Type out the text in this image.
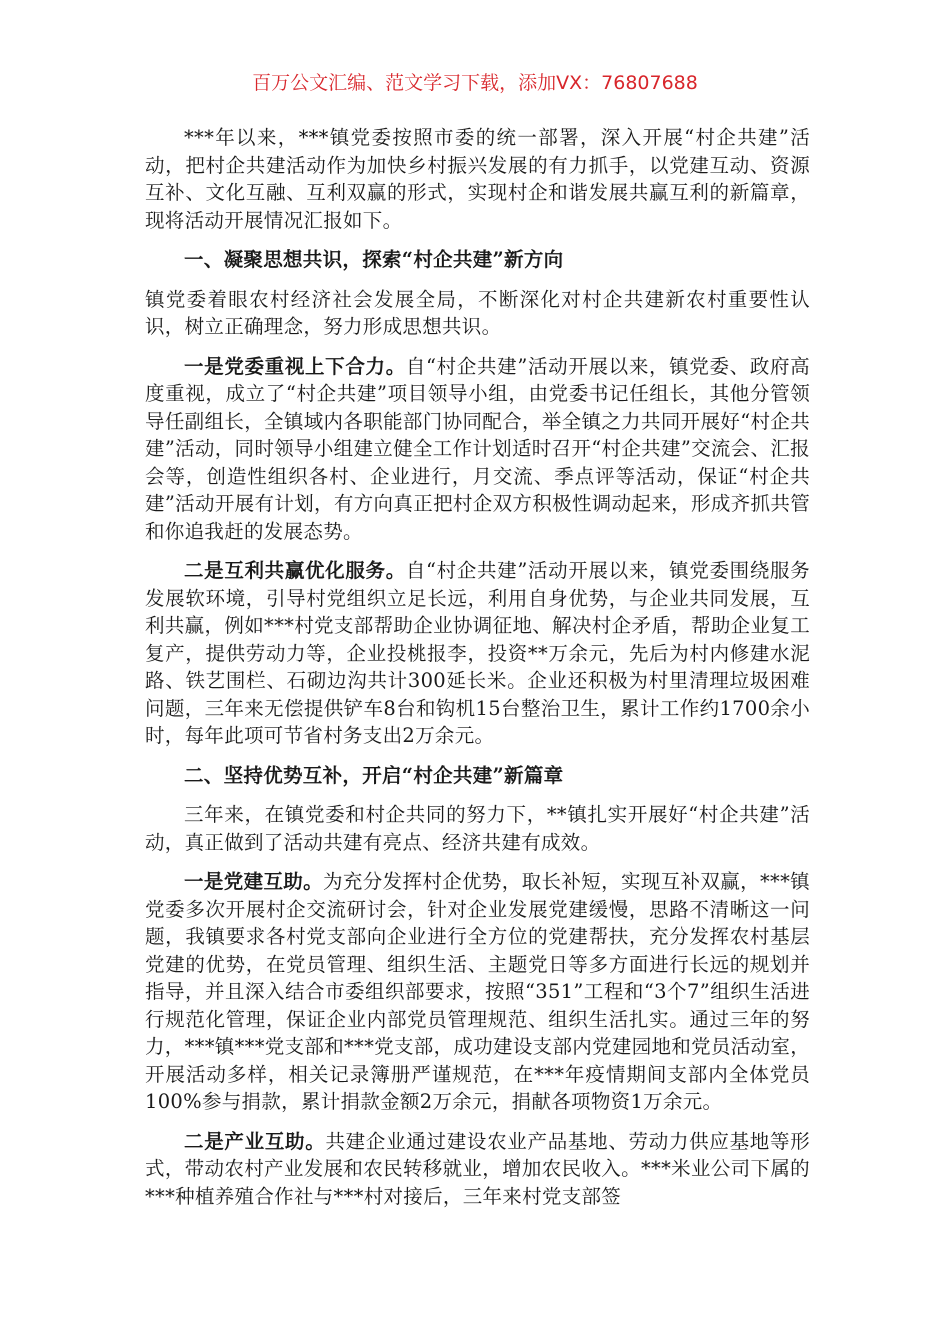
百万公文汇编、范文学习下载，添加VX：76807688

***年以来，***镇党委按照市委的统一部署，深入开展“村企共建”活动，把村企共建活动作为加快乡村振兴发展的有力抓手，以党建互动、资源互补、文化互融、互利双赢的形式，实现村企和谐发展共赢互利的新篇章，现将活动开展情况汇报如下。

一、凝聚思想共识，探索“村企共建”新方向

镇党委着眼农村经济社会发展全局，不断深化对村企共建新农村重要性认识，树立正确理念，努力形成思想共识。

一是党委重视上下合力。自“村企共建”活动开展以来，镇党委、政府高度重视，成立了“村企共建”项目领导小组，由党委书记任组长，其他分管领导任副组长，全镇域内各职能部门协同配合，举全镇之力共同开展好“村企共建”活动，同时领导小组建立健全工作计划适时召开“村企共建”交流会、汇报会等，创造性组织各村、企业进行，月交流、季点评等活动，保证“村企共建”活动开展有计划，有方向真正把村企双方积极性调动起来，形成齐抓共管和你追我赶的发展态势。

二是互利共赢优化服务。自“村企共建”活动开展以来，镇党委围绕服务发展软环境，引导村党组织立足长远，利用自身优势，与企业共同发展，互利共赢，例如***村党支部帮助企业协调征地、解决村企矛盾，帮助企业复工复产，提供劳动力等，企业投桃报李，投资**万余元，先后为村内修建水泥路、铁艺围栏、石砌边沟共计300延长米。企业还积极为村里清理垃圾困难问题，三年来无偿提供铲车8台和钩机15台整治卫生，累计工作约1700余小时，每年此项可节省村务支出2万余元。

二、坚持优势互补，开启“村企共建”新篇章

三年来，在镇党委和村企共同的努力下，**镇扎实开展好“村企共建”活动，真正做到了活动共建有亮点、经济共建有成效。

一是党建互助。为充分发挥村企优势，取长补短，实现互补双赢，***镇党委多次开展村企交流研讨会，针对企业发展党建缓慢，思路不清晰这一问题，我镇要求各村党支部向企业进行全方位的党建帮扶，充分发挥农村基层党建的优势，在党员管理、组织生活、主题党日等多方面进行长远的规划并指导，并且深入结合市委组织部要求，按照“351”工程和“3个7”组织生活进行规范化管理，保证企业内部党员管理规范、组织生活扎实。通过三年的努力，***镇***党支部和***党支部，成功建设支部内党建园地和党员活动室，开展活动多样，相关记录簿册严谨规范，在***年疫情期间支部内全体党员100%参与捐款，累计捐款金额2万余元，捐献各项物资1万余元。

二是产业互助。共建企业通过建设农业产品基地、劳动力供应基地等形式，带动农村产业发展和农民转移就业，增加农民收入。***米业公司下属的***种植养殖合作社与***村对接后，三年来村党支部签
